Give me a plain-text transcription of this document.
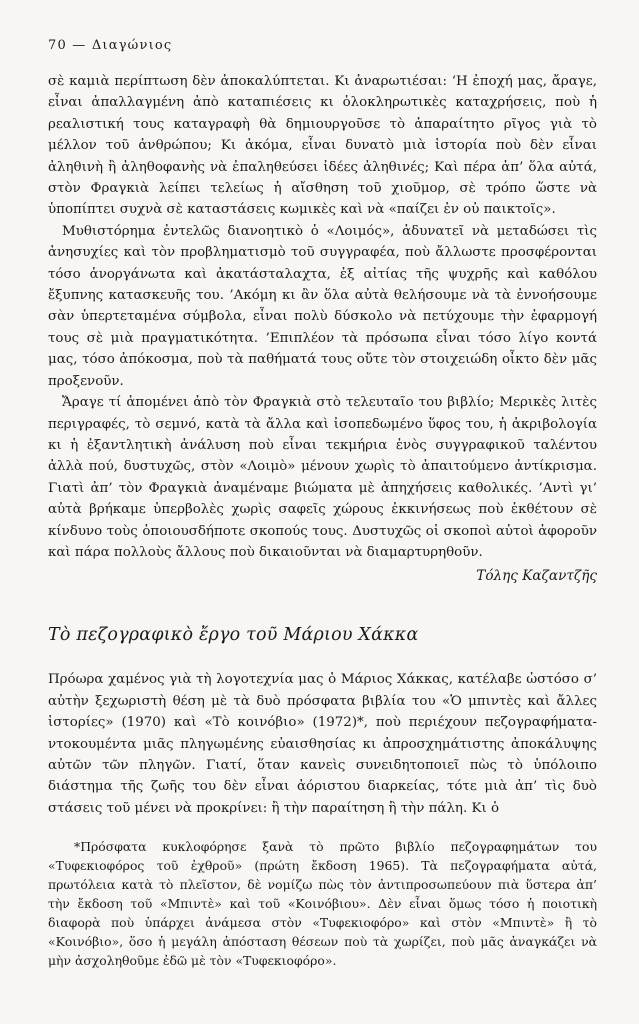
70 — Διαγώνιος

σὲ καμιὰ περίπτωση δὲν ἀποκαλύπτεται. Κι ἀναρωτιέσαι: ‘Η ἐποχή μας, ἄραγε, εἶναι ἀπαλλαγμένη ἀπὸ καταπιέσεις κι ὁλοκληρωτικὲς καταχρήσεις, ποὺ ἡ ρεαλιστική τους καταγραφὴ θὰ δημιουργοῦσε τὸ ἀπαραίτητο ρῖγος γιὰ τὸ μέλλον τοῦ ἀνθρώπου; Κι ἀκόμα, εἶναι δυνατὸ μιὰ ἱστορία ποὺ δὲν εἶναι ἀληθινὴ ἢ ἀληθοφανὴς νὰ ἐπαληθεύσει ἰδέες ἀληθινές; Καὶ πέρα ἀπ’ ὅλα αὐτά, στὸν Φραγκιὰ λείπει τελείως ἡ αἴσθηση τοῦ χιοῦμορ, σὲ τρόπο ὥστε νὰ ὑποπίπτει συχνὰ σὲ καταστάσεις κωμικὲς καὶ νὰ «παίζει ἐν οὐ παικτοῖς».

Μυθιστόρημα ἐντελῶς διανοητικὸ ὁ «Λοιμός», ἀδυνατεῖ νὰ μεταδώσει τὶς ἀνησυχίες καὶ τὸν προβληματισμὸ τοῦ συγγραφέα, ποὺ ἄλλωστε προσφέρονται τόσο ἀνοργάνωτα καὶ ἀκατάσταλαχτα, ἐξ αἰτίας τῆς ψυχρῆς καὶ καθόλου ἔξυπνης κατασκευῆς του. ’Ακόμη κι ἂν ὅλα αὐτὰ θελήσουμε νὰ τὰ ἐννοήσουμε σὰν ὑπερτεταμένα σύμβολα, εἶναι πολὺ δύσκολο νὰ πετύχουμε τὴν ἐφαρμογή τους σὲ μιὰ πραγματικότητα. ’Επιπλέον τὰ πρόσωπα εἶναι τόσο λίγο κοντά μας, τόσο ἀπόκοσμα, ποὺ τὰ παθήματά τους οὔτε τὸν στοιχειώδη οἶκτο δὲν μᾶς προξενοῦν.

Ἄραγε τί ἀπομένει ἀπὸ τὸν Φραγκιὰ στὸ τελευταῖο του βιβλίο; Μερικὲς λιτὲς περιγραφές, τὸ σεμνό, κατὰ τὰ ἄλλα καὶ ἰσοπεδωμένο ὕφος του, ἡ ἀκριβολογία κι ἡ ἐξαντλητικὴ ἀνάλυση ποὺ εἶναι τεκμήρια ἑνὸς συγγραφικοῦ ταλέντου ἀλλὰ πού, δυστυχῶς, στὸν «Λοιμὸ» μένουν χωρὶς τὸ ἀπαιτούμενο ἀντίκρισμα. Γιατὶ ἀπ’ τὸν Φραγκιὰ ἀναμέναμε βιώματα μὲ ἀπηχήσεις καθολικές. ’Αντὶ γι’ αὐτὰ βρήκαμε ὑπερβολὲς χωρὶς σαφεῖς χώρους ἐκκινήσεως ποὺ ἐκθέτουν σὲ κίνδυνο τοὺς ὁποιουσδήποτε σκοπούς τους. Δυστυχῶς οἱ σκοποὶ αὐτοὶ ἀφοροῦν καὶ πάρα πολλοὺς ἄλλους ποὺ δικαιοῦνται νὰ διαμαρτυρηθοῦν.

Τόλης Καζαντζῆς

Τὸ πεζογραφικὸ ἔργο τοῦ Μάριου Χάκκα

Πρόωρα χαμένος γιὰ τὴ λογοτεχνία μας ὁ Μάριος Χάκκας, κατέλαβε ὡστόσο σ’ αὐτὴν ξεχωριστὴ θέση μὲ τὰ δυὸ πρόσφατα βιβλία του «Ὁ μπιντὲς καὶ ἄλλες ἱστορίες» (1970) καὶ «Τὸ κοινόβιο» (1972)*, ποὺ περιέχουν πεζογραφήματα-ντοκουμέντα μιᾶς πληγωμένης εὐαισθησίας κι ἀπροσχημάτιστης ἀποκάλυψης αὐτῶν τῶν πληγῶν. Γιατί, ὅταν κανεὶς συνειδητοποιεῖ πὼς τὸ ὑπόλοιπο διάστημα τῆς ζωῆς του δὲν εἶναι ἀόριστου διαρκείας, τότε μιὰ ἀπ’ τὶς δυὸ στάσεις τοῦ μένει νὰ προκρίνει: ἢ τὴν παραίτηση ἢ τὴν πάλη. Κι ὁ

*Πρόσφατα κυκλοφόρησε ξανὰ τὸ πρῶτο βιβλίο πεζογραφημάτων του «Τυφεκιοφόρος τοῦ ἐχθροῦ» (πρώτη ἔκδοση 1965). Τὰ πεζογραφήματα αὐτά, πρωτόλεια κατὰ τὸ πλεῖστον, δὲ νομίζω πὼς τὸν ἀντιπροσωπεύουν πιὰ ὕστερα ἀπ’ τὴν ἔκδοση τοῦ «Μπιντὲ» καὶ τοῦ «Κοινόβιου». Δὲν εἶναι ὅμως τόσο ἡ ποιοτικὴ διαφορὰ ποὺ ὑπάρχει ἀνάμεσα στὸν «Τυφεκιοφόρο» καὶ στὸν «Μπιντὲ» ἢ τὸ «Κοινόβιο», ὅσο ἡ μεγάλη ἀπόσταση θέσεων ποὺ τὰ χωρίζει, ποὺ μᾶς ἀναγκάζει νὰ μὴν ἀσχοληθοῦμε ἐδῶ μὲ τὸν «Τυφεκιοφόρο».
